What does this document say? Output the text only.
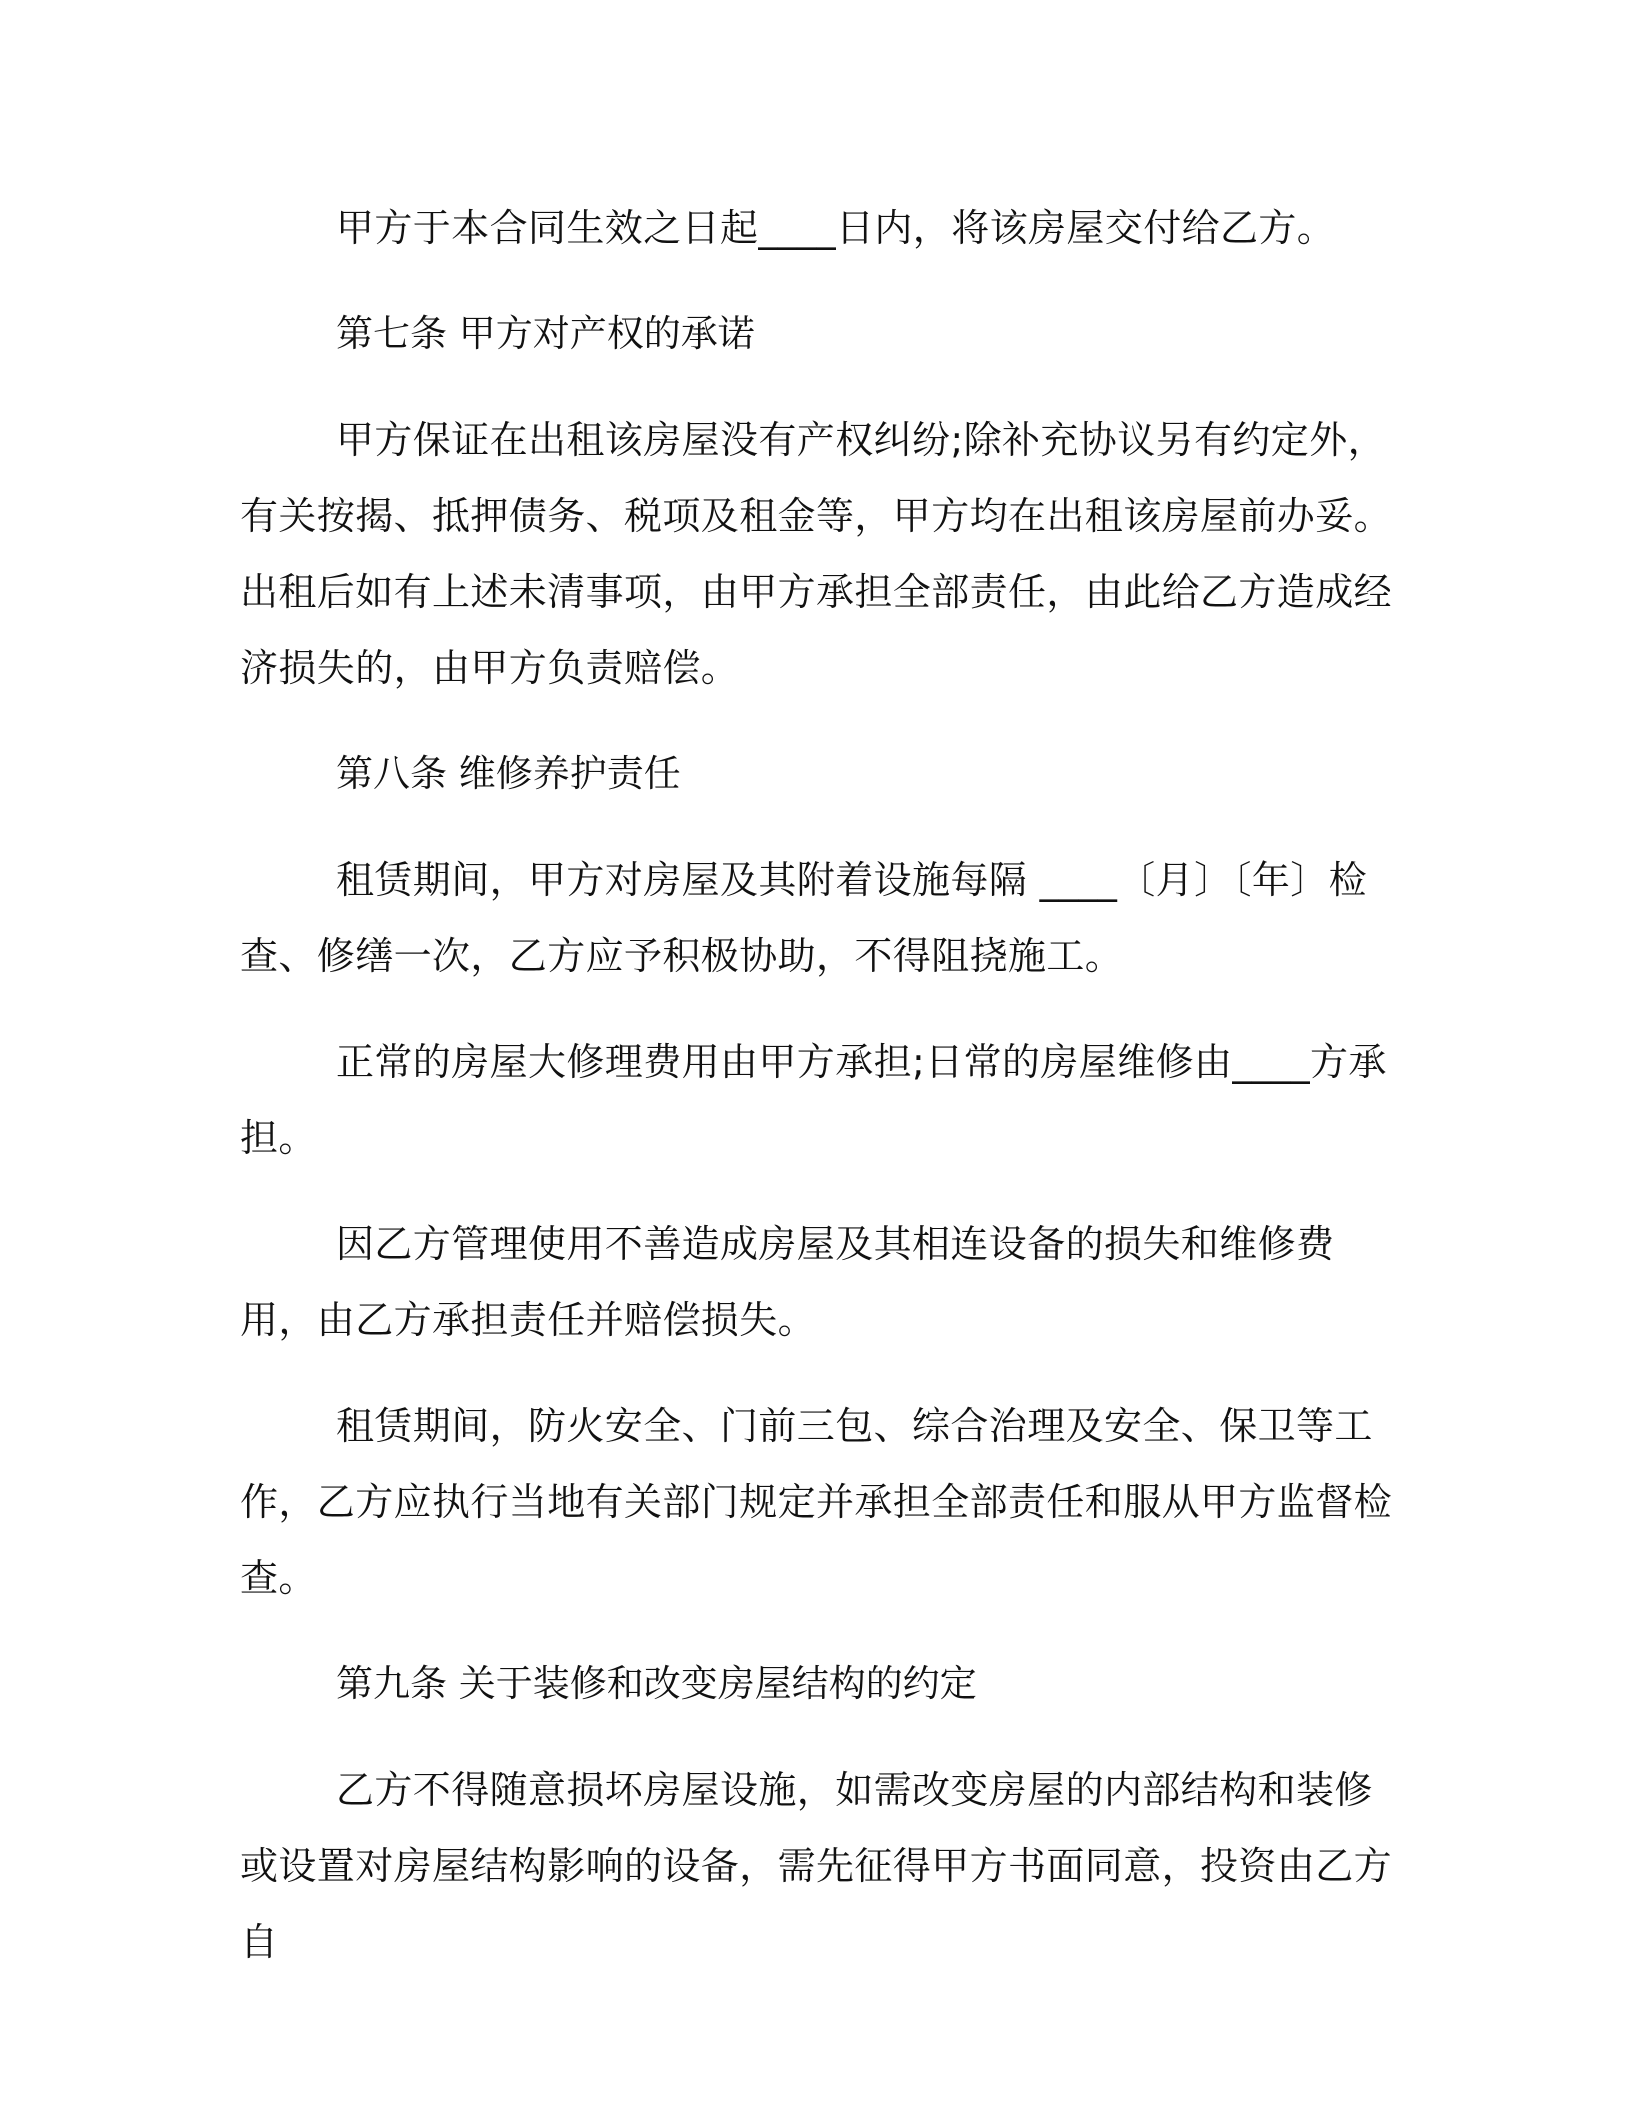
甲方于本合同生效之日起____日内，将该房屋交付给乙方。

第七条 甲方对产权的承诺

甲方保证在出租该房屋没有产权纠纷;除补充协议另有约定外，有关按揭、抵押债务、税项及租金等，甲方均在出租该房屋前办妥。出租后如有上述未清事项，由甲方承担全部责任，由此给乙方造成经济损失的，由甲方负责赔偿。

第八条 维修养护责任

租赁期间，甲方对房屋及其附着设施每隔 ____〔月〕〔年〕检查、修缮一次，乙方应予积极协助，不得阻挠施工。

正常的房屋大修理费用由甲方承担;日常的房屋维修由____方承担。

因乙方管理使用不善造成房屋及其相连设备的损失和维修费用，由乙方承担责任并赔偿损失。

租赁期间，防火安全、门前三包、综合治理及安全、保卫等工作，乙方应执行当地有关部门规定并承担全部责任和服从甲方监督检查。

第九条 关于装修和改变房屋结构的约定

乙方不得随意损坏房屋设施，如需改变房屋的内部结构和装修或设置对房屋结构影响的设备，需先征得甲方书面同意，投资由乙方自
